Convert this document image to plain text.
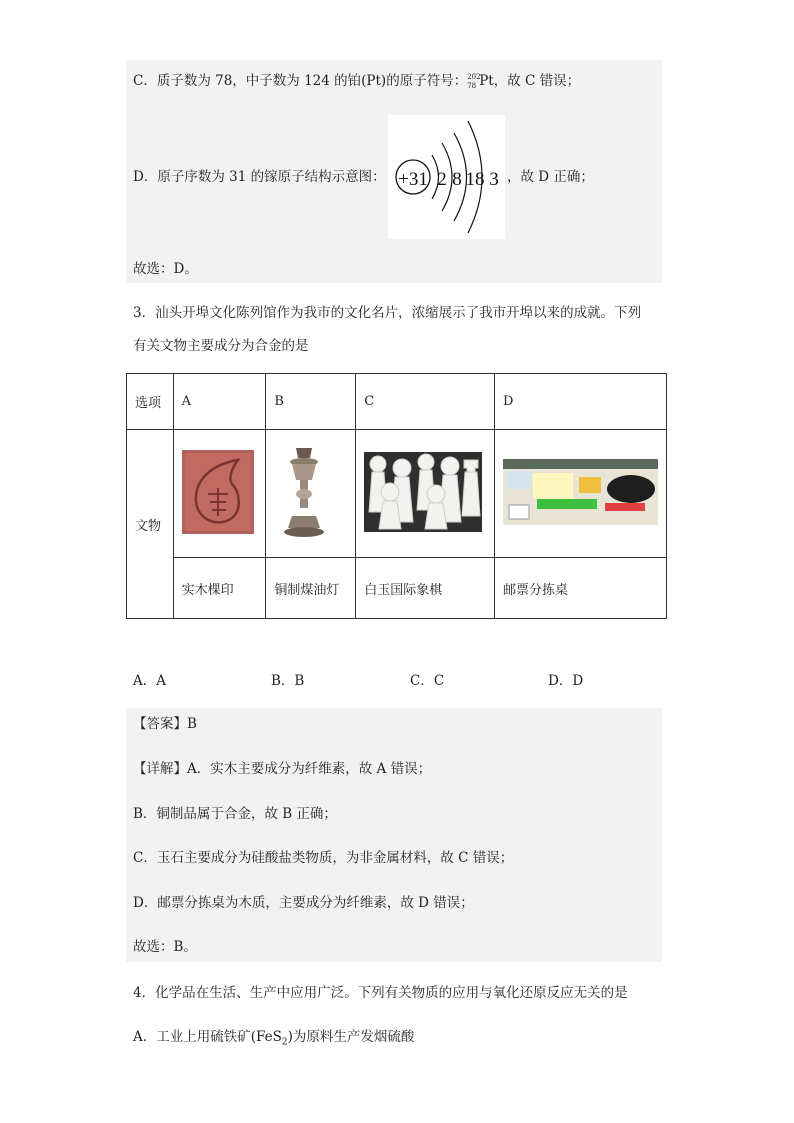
C．质子数为 78，中子数为 124 的铂(Pt)的原子符号： 202
78 Pt，故 C 错误；
D．原子序数为 31 的镓原子结构示意图： +31 2 8 18 3 ，故 D 正确；
故选：D。
3．汕头开埠文化陈列馆作为我市的文化名片，浓缩展示了我市开埠以来的成就。下列
有关文物主要成分为合金的是
选项	A	B	C	D
文物				
	实木棵印	铜制煤油灯	白玉国际象棋	邮票分拣桌
A．A	B．B	C．C	D．D
【答案】B
【详解】A．实木主要成分为纤维素，故 A 错误；
B．铜制品属于合金，故 B 正确；
C．玉石主要成分为硅酸盐类物质，为非金属材料，故 C 错误；
D．邮票分拣桌为木质，主要成分为纤维素，故 D 错误；
故选：B。
4．化学品在生活、生产中应用广泛。下列有关物质的应用与氧化还原反应无关的是
A．工业上用硫铁矿(FeS$_2$)为原料生产发烟硫酸
